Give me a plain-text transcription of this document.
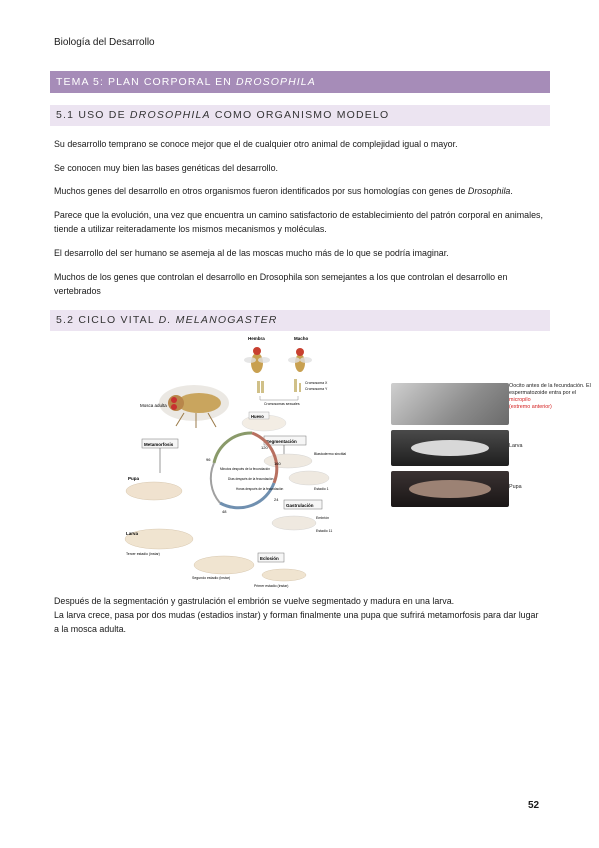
Biología del Desarrollo
TEMA 5: PLAN CORPORAL EN DROSOPHILA
5.1 USO DE DROSOPHILA COMO ORGANISMO MODELO
Su desarrollo temprano se conoce mejor que el de cualquier otro animal de complejidad igual o mayor.
Se conocen muy bien las bases genéticas del desarrollo.
Muchos genes del desarrollo en otros organismos fueron identificados por sus homologías con genes de Drosophila.
Parece que la evolución, una vez que encuentra un camino satisfactorio de establecimiento del patrón corporal en animales, tiende a utilizar reiteradamente los mismos mecanismos y moléculas.
El desarrollo del ser humano se asemeja al de las moscas mucho más de lo que se podría imaginar.
Muchos de los genes que controlan el desarrollo en Drosophila son semejantes a los que controlan el desarrollo en vertebrados
5.2 CICLO VITAL D. MELANOGASTER
Hembra	Macho
Cromosoma X
Cromosoma Y
Cromosomas sexuales
Mosca adulta
Huevo
Metamorfosis
Segmentación
Blastodermo sincitial
Minutos después de la fecundación
Días después de la fecundación
Horas después de la fecundación
120
160
24
48
96
Pupa
Estadio 1
Gastrulación
Embrión
Estadio 11
Larva
Tercer estadio (instar)
Segundo estadio (instar)
Primer estadio (instar)
Eclosión
Oocito antes de la fecundación. El espermatozoide entra por el micropilo
(extremo anterior)
Larva
Pupa
Después de la segmentación y gastrulación el embrión se vuelve segmentado y madura en una larva.
La larva crece, pasa por dos mudas (estadios instar) y forman finalmente una pupa que sufrirá metamorfosis para dar lugar a la mosca adulta.
52
